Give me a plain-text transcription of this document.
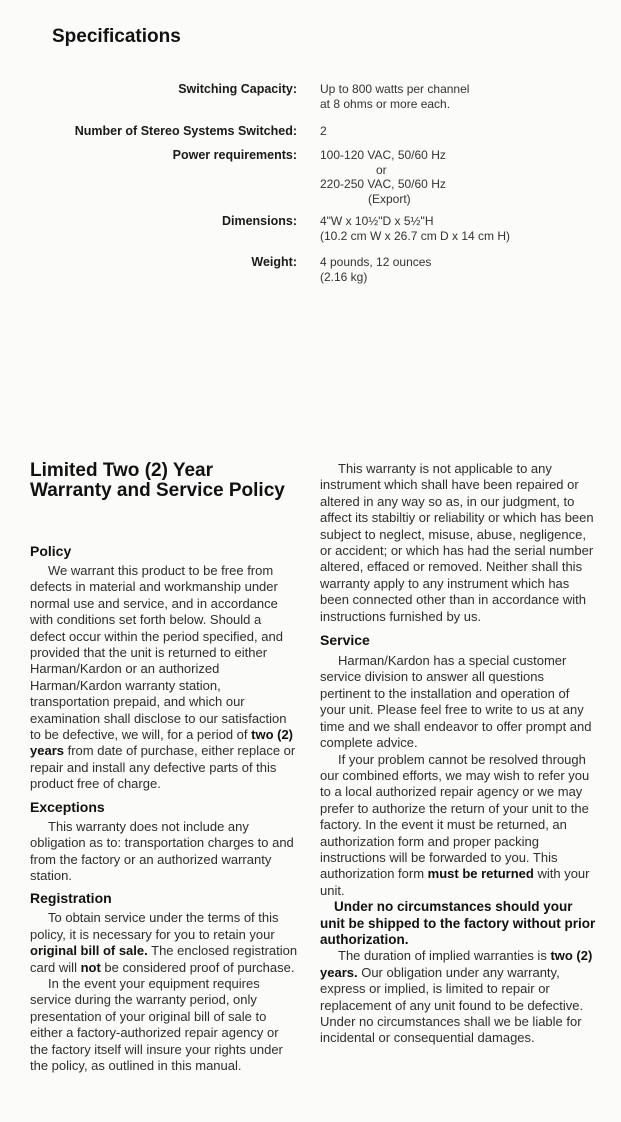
Specifications
Switching Capacity: Up to 800 watts per channel
at 8 ohms or more each.
Number of Stereo Systems Switched: 2
Power requirements: 100-120 VAC, 50/60 Hz
or
220-250 VAC, 50/60 Hz
(Export)
Dimensions: 4"W x 10½"D x 5½"H
(10.2 cm W x 26.7 cm D x 14 cm H)
Weight: 4 pounds, 12 ounces
(2.16 kg)
Limited Two (2) Year
Warranty and Service Policy
Policy

We warrant this product to be free from defects in material and workmanship under normal use and service, and in accordance with conditions set forth below. Should a defect occur within the period specified, and provided that the unit is returned to either Harman/Kardon or an authorized Harman/Kardon warranty station, transportation prepaid, and which our examination shall disclose to our satisfaction to be defective, we will, for a period of two (2) years from date of purchase, either replace or repair and install any defective parts of this product free of charge.

Exceptions

This warranty does not include any obligation as to: transportation charges to and from the factory or an authorized warranty station.

Registration

To obtain service under the terms of this policy, it is necessary for you to retain your original bill of sale. The enclosed registration card will not be considered proof of purchase.

In the event your equipment requires service during the warranty period, only presentation of your original bill of sale to either a factory-authorized repair agency or the factory itself will insure your rights under the policy, as outlined in this manual.

This warranty is not applicable to any instrument which shall have been repaired or altered in any way so as, in our judgment, to affect its stabiltiy or reliability or which has been subject to neglect, misuse, abuse, negligence, or accident; or which has had the serial number altered, effaced or removed. Neither shall this warranty apply to any instrument which has been connected other than in accordance with instructions furnished by us.

Service

Harman/Kardon has a special customer service division to answer all questions pertinent to the installation and operation of your unit. Please feel free to write to us at any time and we shall endeavor to offer prompt and complete advice.

If your problem cannot be resolved through our combined efforts, we may wish to refer you to a local authorized repair agency or we may prefer to authorize the return of your unit to the factory. In the event it must be returned, an authorization form and proper packing instructions will be forwarded to you. This authorization form must be returned with your unit.

Under no circumstances should your unit be shipped to the factory without prior authorization.

The duration of implied warranties is two (2) years. Our obligation under any warranty, express or implied, is limited to repair or replacement of any unit found to be defective. Under no circumstances shall we be liable for incidental or consequential damages.
